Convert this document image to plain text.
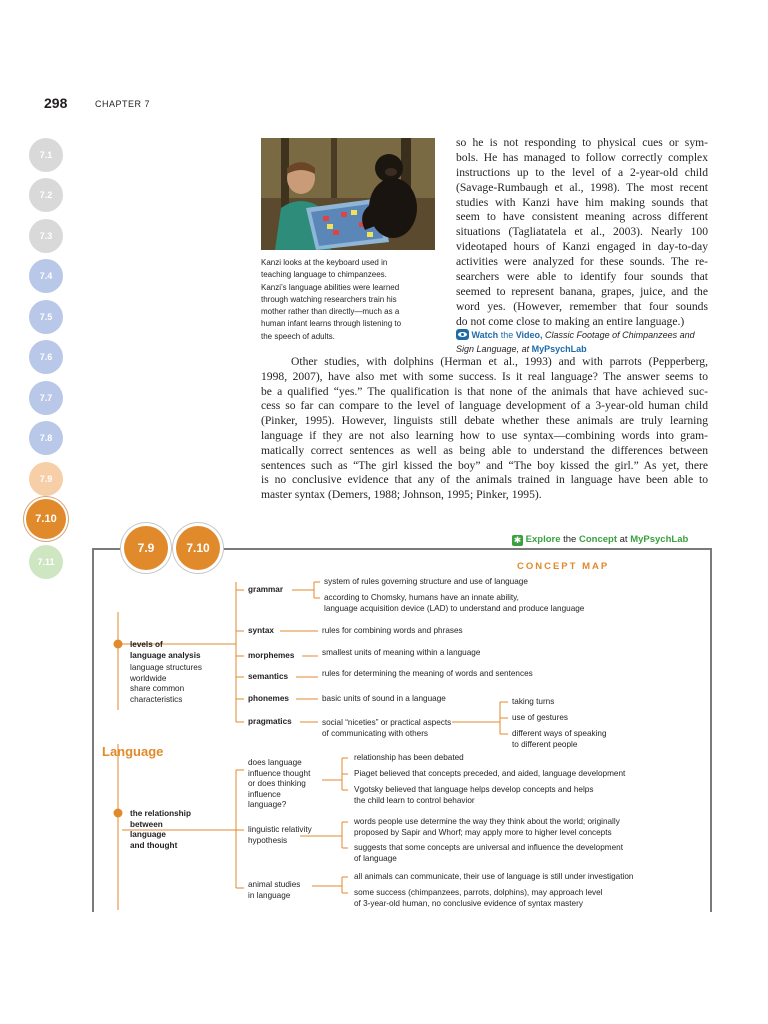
298	CHAPTER 7
7.1
7.2
7.3
7.4
7.5
7.6
7.7
7.8
7.9
7.10
7.11
Kanzi looks at the keyboard used in
teaching language to chimpanzees.
Kanzi’s language abilities were learned
through watching researchers train his
mother rather than directly—much as a
human infant learns through listening to
the speech of adults.
so he is not responding to physical cues or sym-
bols. He has managed to follow correctly complex
instructions up to the level of a 2-year-old child
(Savage-Rumbaugh et al., 1998). The most recent
studies with Kanzi have him making sounds that
seem to have consistent meaning across different
situations (Tagliatatela et al., 2003). Nearly 100
videotaped hours of Kanzi engaged in day-to-day
activities were analyzed for these sounds. The re-
searchers were able to identify four sounds that
seemed to represent banana, grapes, juice, and the
word yes. (However, remember that four sounds
do not come close to making an entire language.)
Watch the Video, Classic Footage of Chimpanzees and
Sign Language, at MyPsychLab
Other studies, with dolphins (Herman et al., 1993) and with parrots (Pepperberg,
1998, 2007), have also met with some success. Is it real language? The answer seems to
be a qualified “yes.” The qualification is that none of the animals that have achieved suc-
cess so far can compare to the level of language development of a 3-year-old human child
(Pinker, 1995). However, linguists still debate whether these animals are truly learning
language if they are not also learning how to use syntax—combining words into gram-
matically correct sentences as well as being able to understand the differences between
sentences such as “The girl kissed the boy” and “The boy kissed the girl.” As yet, there
is no conclusive evidence that any of the animals trained in language have been able to
master syntax (Demers, 1988; Johnson, 1995; Pinker, 1995).
✱ Explore the Concept at MyPsychLab
7.9	7.10
CONCEPT MAP
Language
levels of
language analysis
language structures
worldwide
share common
characteristics
grammar
system of rules governing structure and use of language
according to Chomsky, humans have an innate ability,
language acquisition device (LAD) to understand and produce language
syntax	rules for combining words and phrases
morphemes	smallest units of meaning within a language
semantics	rules for determining the meaning of words and sentences
phonemes	basic units of sound in a language
pragmatics	social “niceties” or practical aspects
of communicating with others
taking turns
use of gestures
different ways of speaking
to different people
the relationship
between
language
and thought
does language
influence thought
or does thinking
influence
language?
relationship has been debated
Piaget believed that concepts preceded, and aided, language development
Vgotsky believed that language helps develop concepts and helps
the child learn to control behavior
linguistic relativity
hypothesis
words people use determine the way they think about the world; originally
proposed by Sapir and Whorf; may apply more to higher level concepts
suggests that some concepts are universal and influence the development
of language
animal studies
in language
all animals can communicate, their use of language is still under investigation
some success (chimpanzees, parrots, dolphins), may approach level
of 3-year-old human, no conclusive evidence of syntax mastery
